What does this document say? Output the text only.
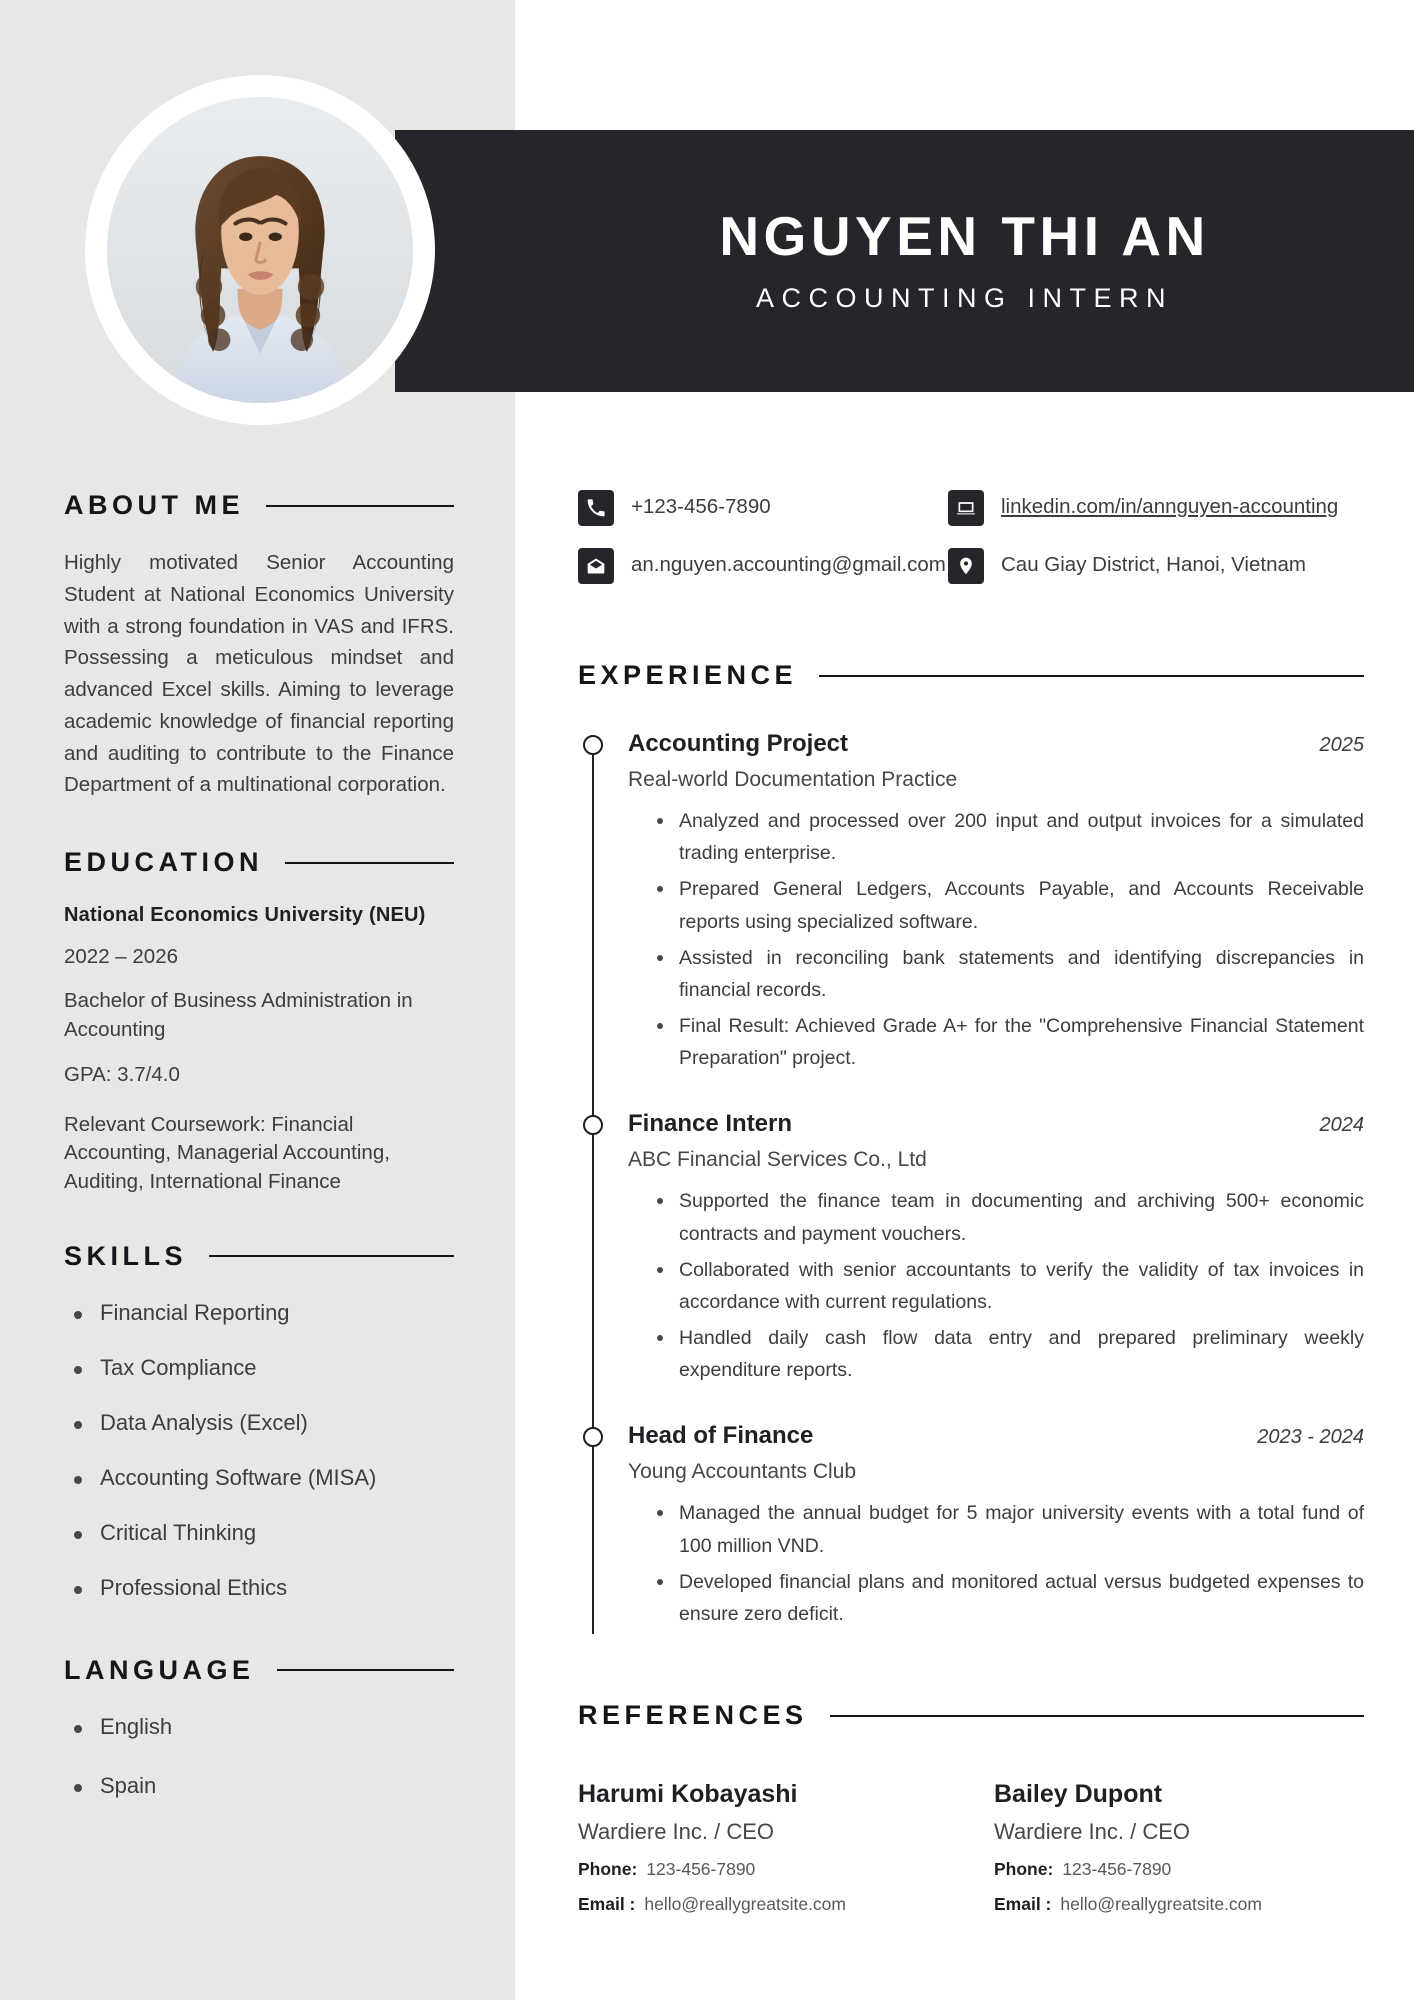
ABOUT ME

Highly motivated Senior Accounting Student at National Economics University with a strong foundation in VAS and IFRS. Possessing a meticulous mindset and advanced Excel skills. Aiming to leverage academic knowledge of financial reporting and auditing to contribute to the Finance Department of a multinational corporation.

EDUCATION
National Economics University (NEU)
2022 – 2026
Bachelor of Business Administration in Accounting
GPA: 3.7/4.0
Relevant Coursework: Financial Accounting, Managerial Accounting, Auditing, International Finance
SKILLS
Financial Reporting
Tax Compliance
Data Analysis (Excel)
Accounting Software (MISA)
Critical Thinking
Professional Ethics
LANGUAGE
English
Spain
NGUYEN THI AN
ACCOUNTING INTERN
+123-456-7890	linkedin.com/in/annguyen-accounting
an.nguyen.accounting@gmail.com	Cau Giay District, Hanoi, Vietnam
EXPERIENCE
Accounting Project	2025
Real-world Documentation Practice
Analyzed and processed over 200 input and output invoices for a simulated trading enterprise.
Prepared General Ledgers, Accounts Payable, and Accounts Receivable reports using specialized software.
Assisted in reconciling bank statements and identifying discrepancies in financial records.
Final Result: Achieved Grade A+ for the "Comprehensive Financial Statement Preparation" project.
Finance Intern	2024
ABC Financial Services Co., Ltd
Supported the finance team in documenting and archiving 500+ economic contracts and payment vouchers.
Collaborated with senior accountants to verify the validity of tax invoices in accordance with current regulations.
Handled daily cash flow data entry and prepared preliminary weekly expenditure reports.
Head of Finance	2023 - 2024
Young Accountants Club
Managed the annual budget for 5 major university events with a total fund of 100 million VND.
Developed financial plans and monitored actual versus budgeted expenses to ensure zero deficit.
REFERENCES
Harumi Kobayashi
Wardiere Inc. / CEO
Phone: 123-456-7890
Email : hello@reallygreatsite.com
Bailey Dupont
Wardiere Inc. / CEO
Phone: 123-456-7890
Email : hello@reallygreatsite.com
